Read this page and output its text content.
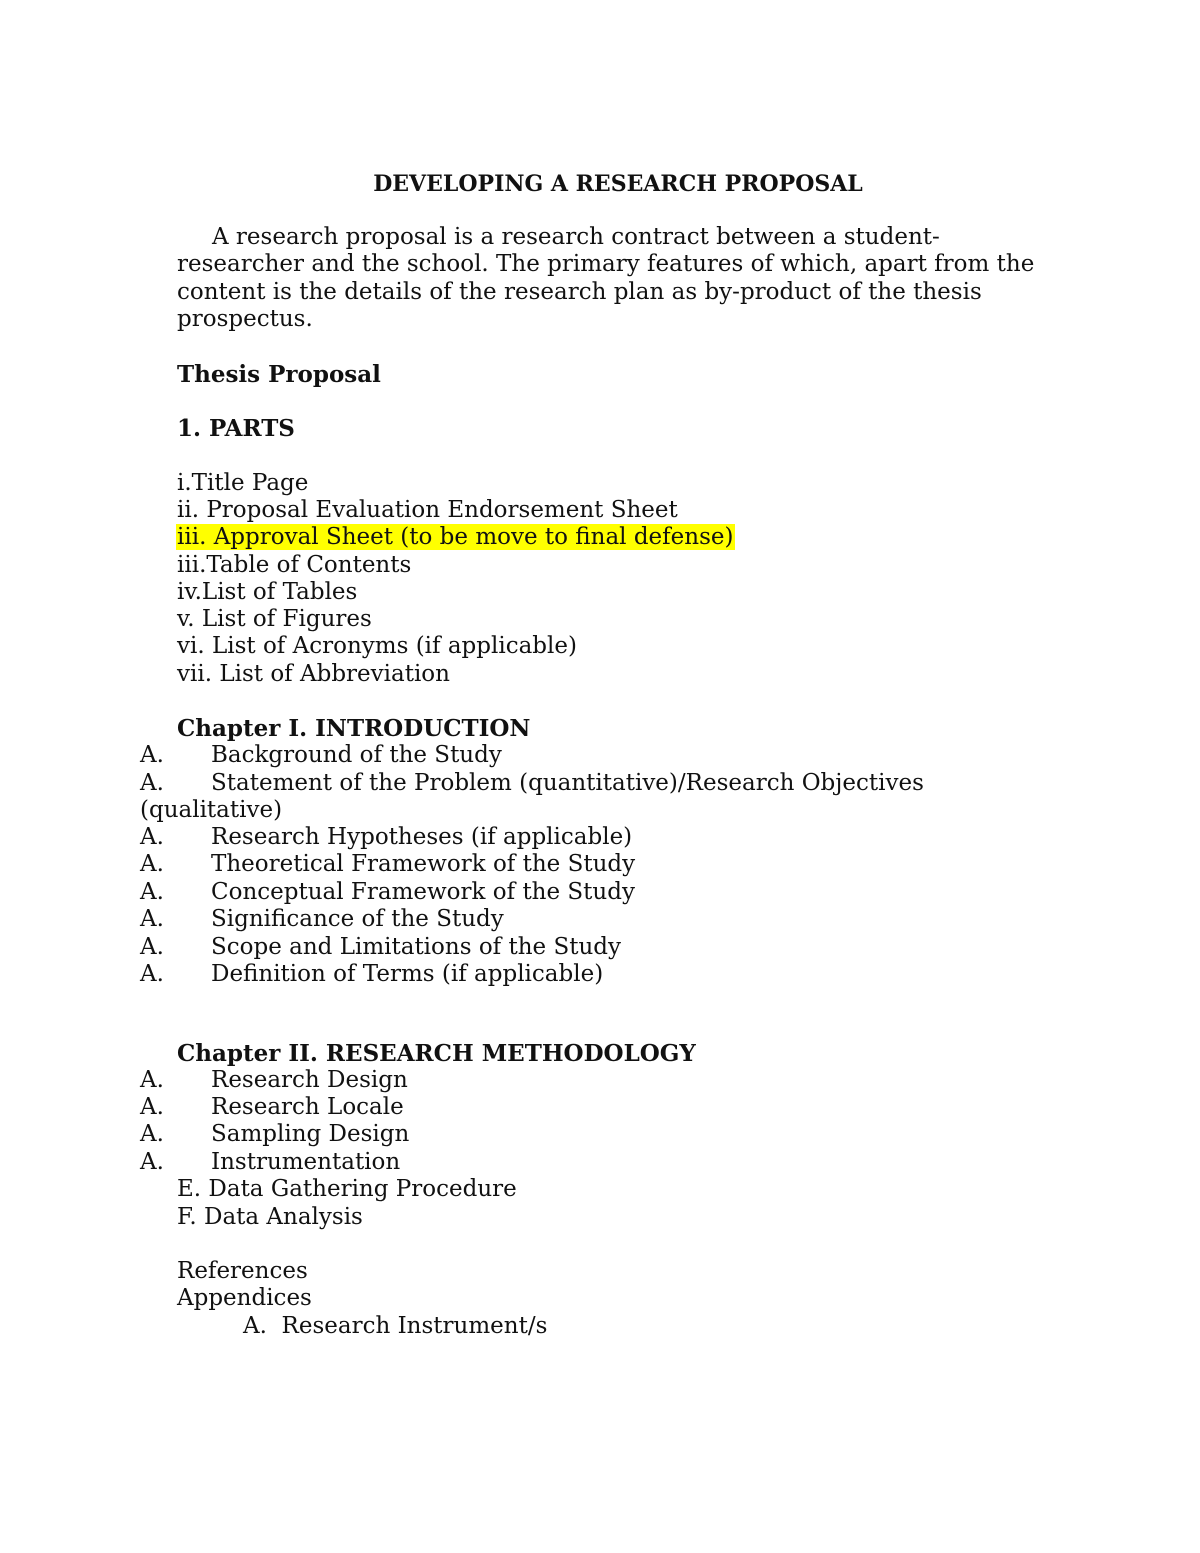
DEVELOPING A RESEARCH PROPOSAL
A research proposal is a research contract between a student-
researcher and the school. The primary features of which, apart from the
content is the details of the research plan as by-product of the thesis
prospectus.
Thesis Proposal
1. PARTS
i.Title Page
ii. Proposal Evaluation Endorsement Sheet
iii. Approval Sheet (to be move to final defense)
iii.Table of Contents
iv.List of Tables
v. List of Figures
vi. List of Acronyms (if applicable)
vii. List of Abbreviation
Chapter I. INTRODUCTION
A. Background of the Study
A. Statement of the Problem (quantitative)/Research Objectives
(qualitative)
A. Research Hypotheses (if applicable)
A. Theoretical Framework of the Study
A. Conceptual Framework of the Study
A. Significance of the Study
A. Scope and Limitations of the Study
A. Definition of Terms (if applicable)
Chapter II. RESEARCH METHODOLOGY
A. Research Design
A. Research Locale
A. Sampling Design
A. Instrumentation
E. Data Gathering Procedure
F. Data Analysis
References
Appendices
A.  Research Instrument/s
